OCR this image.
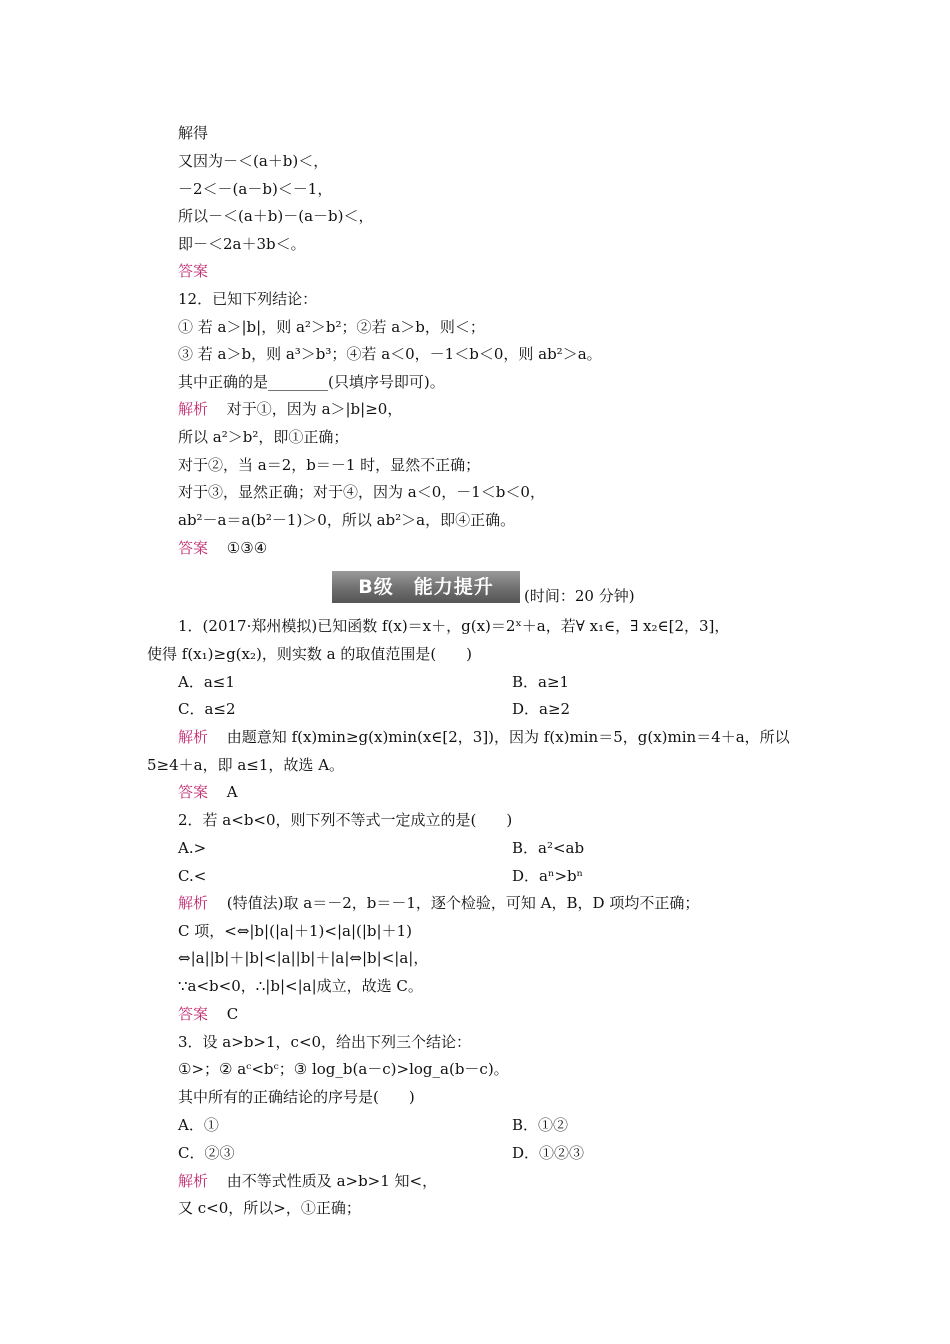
解得
又因为－＜(a＋b)＜，
－2＜－(a－b)＜－1，
所以－＜(a＋b)－(a－b)＜，
即－＜2a＋3b＜。
答案
12．已知下列结论：
① 若 a＞|b|，则 a²＞b²；②若 a＞b，则＜；
③ 若 a＞b，则 a³＞b³；④若 a＜0，－1＜b＜0，则 ab²＞a。
其中正确的是________(只填序号即可)。
解析 对于①，因为 a＞|b|≥0，
所以 a²＞b²，即①正确；
对于②，当 a＝2，b＝－1 时，显然不正确；
对于③，显然正确；对于④，因为 a＜0，－1＜b＜0，
ab²－a＝a(b²－1)＞0，所以 ab²＞a，即④正确。
答案 ①③④
B级　能力提升	(时间：20 分钟)
1．(2017·郑州模拟)已知函数 f(x)＝x＋，g(x)＝2ˣ＋a，若∀ x₁∈，∃ x₂∈[2，3]，
使得 f(x₁)≥g(x₂)，则实数 a 的取值范围是(　　)
A．a≤1	B．a≥1
C．a≤2	D．a≥2
解析 由题意知 f(x)min≥g(x)min(x∈[2，3])，因为 f(x)min＝5，g(x)min＝4＋a，所以
5≥4＋a，即 a≤1，故选 A。
答案 A
2．若 a<b<0，则下列不等式一定成立的是(　　)
A.>	B．a²<ab
C.<	D．aⁿ>bⁿ
解析 (特值法)取 a＝－2，b＝－1，逐个检验，可知 A，B，D 项均不正确；
C 项，<⇔|b|(|a|＋1)<|a|(|b|＋1)
⇔|a||b|＋|b|<|a||b|＋|a|⇔|b|<|a|，
∵a<b<0，∴|b|<|a|成立，故选 C。
答案 C
3．设 a>b>1，c<0，给出下列三个结论：
①>；② aᶜ<bᶜ；③ log_b(a－c)>log_a(b－c)。
其中所有的正确结论的序号是(　　)
A．①	B．①②
C．②③	D．①②③
解析 由不等式性质及 a>b>1 知<，
又 c<0，所以>，①正确；
